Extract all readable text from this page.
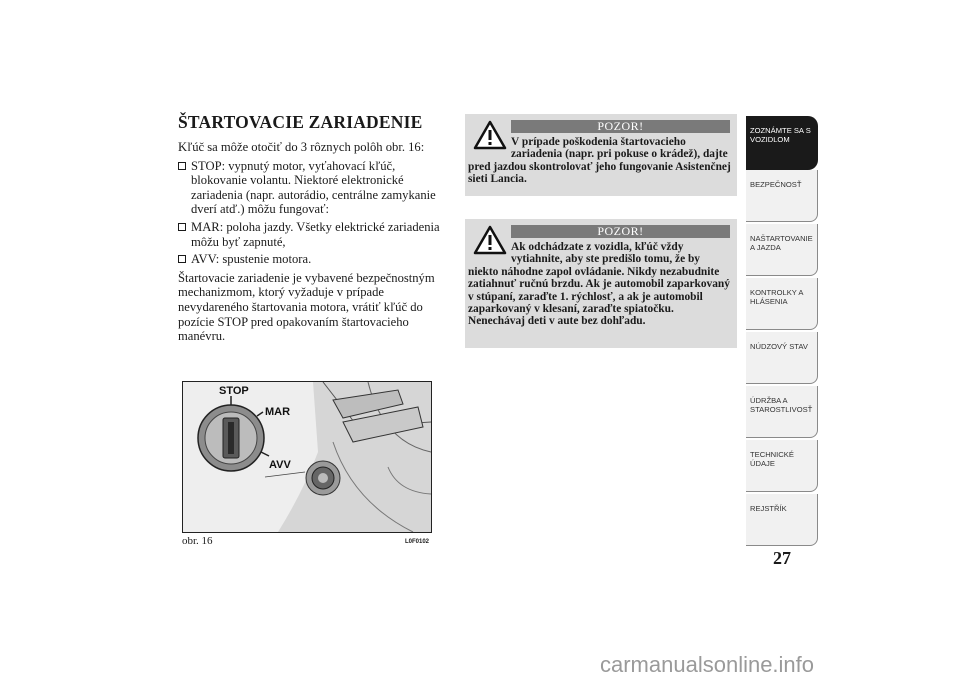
ŠTARTOVACIE ZARIADENIE

Kľúč sa môže otočiť do 3 rôznych polôh obr. 16:

STOP: vypnutý motor, vyťahovací kľúč, blokovanie volantu. Niektoré elektronické zariadenia (napr. autorádio, centrálne zamykanie dverí atď.) môžu fungovať:
MAR: poloha jazdy. Všetky elektrické zariadenia môžu byť zapnuté,
AVV: spustenie motora.

Štartovacie zariadenie je vybavené bezpečnostným mechanizmom, ktorý vyžaduje v prípade nevydareného štartovania motora, vrátiť kľúč do pozície STOP pred opakovaním štartovacieho manévru.

STOP
MAR
AVV
obr. 16	L0F0102
POZOR!
V prípade poškodenia štartovacieho zariadenia (napr. pri pokuse o krádež), dajte pred jazdou skontrolovať jeho fungovanie Asistenčnej sieti Lancia.
POZOR!
Ak odchádzate z vozidla, kľúč vždy vytiahnite, aby ste predišlo tomu, že by niekto náhodne zapol ovládanie. Nikdy nezabudnite zatiahnuť ručnú brzdu. Ak je automobil zaparkovaný v stúpaní, zaraďte 1. rýchlosť, a ak je automobil zaparkovaný v klesaní, zaraďte spiatočku. Nenechávaj deti v aute bez dohľadu.
ZOZNÁMTE SA S VOZIDLOM
BEZPEČNOSŤ
NAŠTARTOVANIE A JAZDA
KONTROLKY A HLÁSENIA
NÚDZOVÝ STAV
ÚDRŽBA A STAROSTLIVOSŤ
TECHNICKÉ ÚDAJE
REJSTŘÍK
27
carmanualsonline.info
